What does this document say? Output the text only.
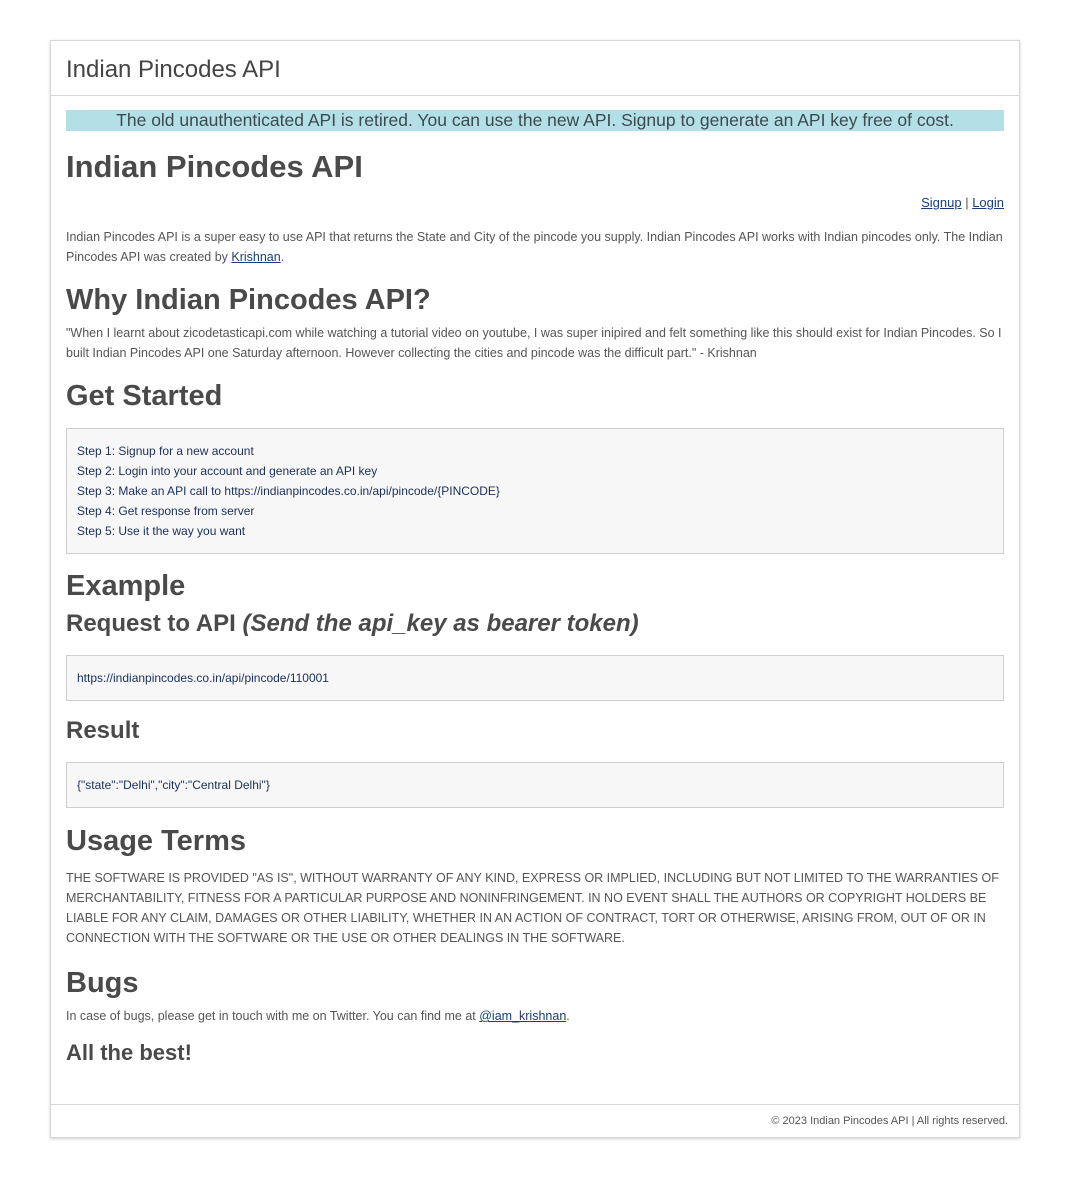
Indian Pincodes API
The old unauthenticated API is retired. You can use the new API. Signup to generate an API key free of cost.
Indian Pincodes API
Signup | Login

Indian Pincodes API is a super easy to use API that returns the State and City of the pincode you supply. Indian Pincodes API works with Indian pincodes only. The Indian Pincodes API was created by Krishnan.

Why Indian Pincodes API?

"When I learnt about zicodetasticapi.com while watching a tutorial video on youtube, I was super inipired and felt something like this should exist for Indian Pincodes. So I built Indian Pincodes API one Saturday afternoon. However collecting the cities and pincode was the difficult part." - Krishnan

Get Started
Step 1: Signup for a new account
Step 2: Login into your account and generate an API key
Step 3: Make an API call to https://indianpincodes.co.in/api/pincode/{PINCODE}
Step 4: Get response from server
Step 5: Use it the way you want
Example
Request to API (Send the api_key as bearer token)
https://indianpincodes.co.in/api/pincode/110001
Result
{"state":"Delhi","city":"Central Delhi"}
Usage Terms

THE SOFTWARE IS PROVIDED "AS IS", WITHOUT WARRANTY OF ANY KIND, EXPRESS OR IMPLIED, INCLUDING BUT NOT LIMITED TO THE WARRANTIES OF MERCHANTABILITY, FITNESS FOR A PARTICULAR PURPOSE AND NONINFRINGEMENT. IN NO EVENT SHALL THE AUTHORS OR COPYRIGHT HOLDERS BE LIABLE FOR ANY CLAIM, DAMAGES OR OTHER LIABILITY, WHETHER IN AN ACTION OF CONTRACT, TORT OR OTHERWISE, ARISING FROM, OUT OF OR IN CONNECTION WITH THE SOFTWARE OR THE USE OR OTHER DEALINGS IN THE SOFTWARE.

Bugs

In case of bugs, please get in touch with me on Twitter. You can find me at @iam_krishnan.

All the best!
© 2023 Indian Pincodes API | All rights reserved.
